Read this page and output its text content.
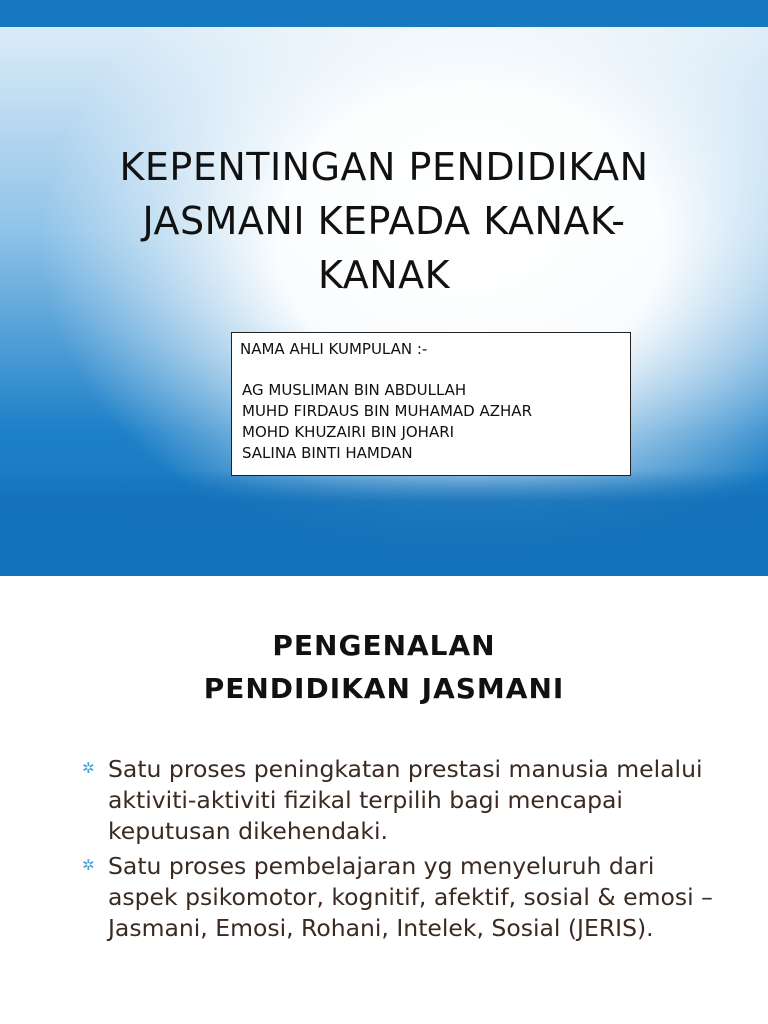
KEPENTINGAN PENDIDIKAN
JASMANI KEPADA KANAK-
KANAK
NAMA AHLI KUMPULAN :-
AG MUSLIMAN BIN ABDULLAH
MUHD FIRDAUS BIN MUHAMAD AZHAR
MOHD KHUZAIRI BIN JOHARI
SALINA BINTI HAMDAN
PENGENALAN
PENDIDIKAN JASMANI
✲ Satu proses peningkatan prestasi manusia melalui aktiviti-aktiviti fizikal terpilih bagi mencapai keputusan dikehendaki.
✲ Satu proses pembelajaran yg menyeluruh dari aspek psikomotor, kognitif, afektif, sosial & emosi – Jasmani, Emosi, Rohani, Intelek, Sosial (JERIS).
